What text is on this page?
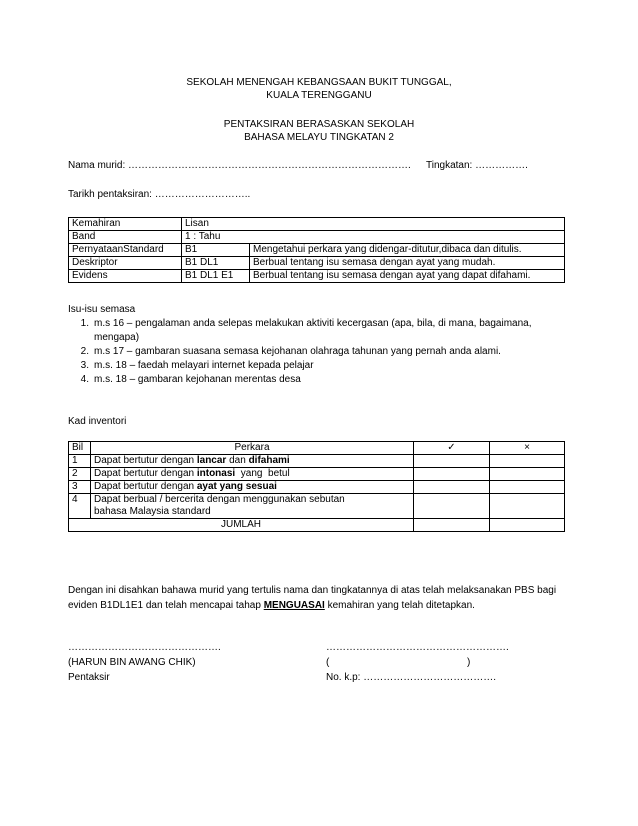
SEKOLAH MENENGAH KEBANGSAAN BUKIT TUNGGAL,
KUALA TERENGGANU
PENTAKSIRAN BERASASKAN SEKOLAH
BAHASA MELAYU TINGKATAN 2
Nama murid: …………………………………………………………………………. Tingkatan: …………….
Tarikh pentaksiran: ………………………..
Kemahiran	Lisan	
Band	1 : Tahu	
PernyataanStandard	B1	Mengetahui perkara yang didengar-ditutur,dibaca dan ditulis.
Deskriptor	B1 DL1	Berbual tentang isu semasa dengan ayat yang mudah.
Evidens	B1 DL1 E1	Berbual tentang isu semasa dengan ayat yang dapat difahami.
Isu-isu semasa
1. m.s 16 – pengalaman anda selepas melakukan aktiviti kecergasan (apa, bila, di mana, bagaimana, mengapa)
2. m.s 17 – gambaran suasana semasa kejohanan olahraga tahunan yang pernah anda alami.
3. m.s. 18 – faedah melayari internet kepada pelajar
4. m.s. 18 – gambaran kejohanan merentas desa
Kad inventori
Bil	Perkara	✓	×
1	Dapat bertutur dengan lancar dan difahami		
2	Dapat bertutur dengan intonasi  yang  betul		
3	Dapat bertutur dengan ayat yang sesuai		
4	Dapat berbual / bercerita dengan menggunakan sebutan bahasa Malaysia standard		
JUMLAH			
Dengan ini disahkan bahawa murid yang tertulis nama dan tingkatannya di atas telah melaksanakan PBS bagi eviden B1DL1E1 dan telah mencapai tahap MENGUASAI kemahiran yang telah ditetapkan.
……………………………………….
(HARUN BIN AWANG CHIK)
Pentaksir
……………………………………………….
(	)
No. k.p: ………………………………….
